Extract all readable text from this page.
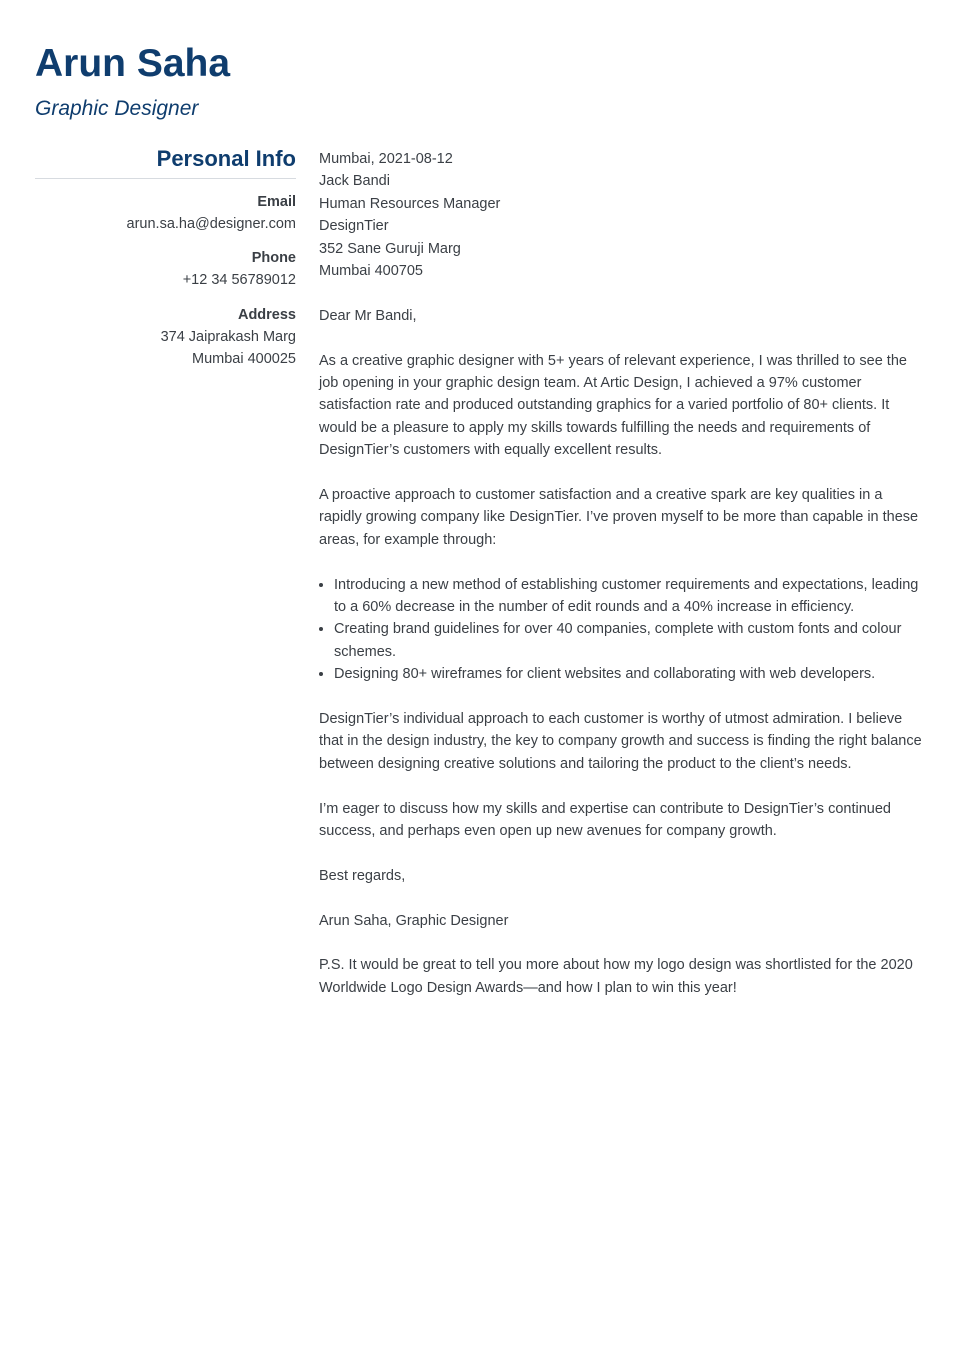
Arun Saha
Graphic Designer
Personal Info
Email
arun.sa.ha@designer.com
Phone
+12 34 56789012
Address
374 Jaiprakash Marg
Mumbai 400025

Mumbai, 2021-08-12
Jack Bandi
Human Resources Manager
DesignTier
352 Sane Guruji Marg
Mumbai 400705

Dear Mr Bandi,

As a creative graphic designer with 5+ years of relevant experience, I was thrilled to see the job opening in your graphic design team. At Artic Design, I achieved a 97% customer satisfaction rate and produced outstanding graphics for a varied portfolio of 80+ clients. It would be a pleasure to apply my skills towards fulfilling the needs and requirements of DesignTier’s customers with equally excellent results.

A proactive approach to customer satisfaction and a creative spark are key qualities in a rapidly growing company like DesignTier. I’ve proven myself to be more than capable in these areas, for example through:

• Introducing a new method of establishing customer requirements and expectations, leading to a 60% decrease in the number of edit rounds and a 40% increase in efficiency.
• Creating brand guidelines for over 40 companies, complete with custom fonts and colour schemes.
• Designing 80+ wireframes for client websites and collaborating with web developers.

DesignTier’s individual approach to each customer is worthy of utmost admiration. I believe that in the design industry, the key to company growth and success is finding the right balance between designing creative solutions and tailoring the product to the client’s needs.

I’m eager to discuss how my skills and expertise can contribute to DesignTier’s continued success, and perhaps even open up new avenues for company growth.

Best regards,

Arun Saha, Graphic Designer

P.S. It would be great to tell you more about how my logo design was shortlisted for the 2020 Worldwide Logo Design Awards—and how I plan to win this year!
